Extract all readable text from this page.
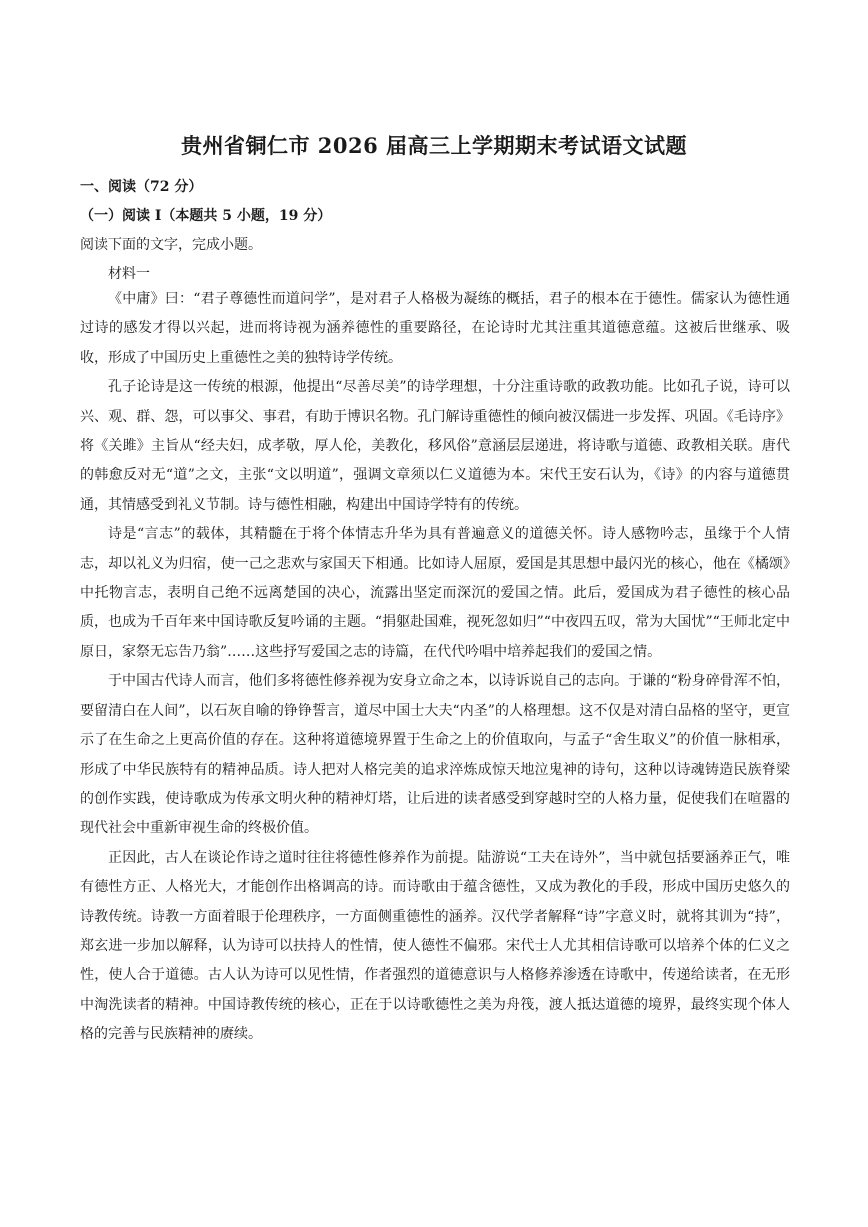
贵州省铜仁市 2026 届高三上学期期末考试语文试题
一、阅读（72 分）
（一）阅读 I（本题共 5 小题，19 分）
阅读下面的文字，完成小题。
材料一

《中庸》曰：“君子尊德性而道问学”，是对君子人格极为凝练的概括，君子的根本在于德性。儒家认为德性通过诗的感发才得以兴起，进而将诗视为涵养德性的重要路径，在论诗时尤其注重其道德意蕴。这被后世继承、吸收，形成了中国历史上重德性之美的独特诗学传统。

孔子论诗是这一传统的根源，他提出“尽善尽美”的诗学理想，十分注重诗歌的政教功能。比如孔子说，诗可以兴、观、群、怨，可以事父、事君，有助于博识名物。孔门解诗重德性的倾向被汉儒进一步发挥、巩固。《毛诗序》将《关雎》主旨从“经夫妇，成孝敬，厚人伦，美教化，移风俗”意涵层层递进，将诗歌与道德、政教相关联。唐代的韩愈反对无“道”之文，主张“文以明道”，强调文章须以仁义道德为本。宋代王安石认为，《诗》的内容与道德贯通，其情感受到礼义节制。诗与德性相融，构建出中国诗学特有的传统。

诗是“言志”的载体，其精髓在于将个体情志升华为具有普遍意义的道德关怀。诗人感物吟志，虽缘于个人情志，却以礼义为归宿，使一己之悲欢与家国天下相通。比如诗人屈原，爱国是其思想中最闪光的核心，他在《橘颂》中托物言志，表明自己绝不远离楚国的决心，流露出坚定而深沉的爱国之情。此后，爱国成为君子德性的核心品质，也成为千百年来中国诗歌反复吟诵的主题。“捐躯赴国难，视死忽如归”“中夜四五叹，常为大国忧”“王师北定中原日，家祭无忘告乃翁”……这些抒写爱国之志的诗篇，在代代吟唱中培养起我们的爱国之情。

于中国古代诗人而言，他们多将德性修养视为安身立命之本，以诗诉说自己的志向。于谦的“粉身碎骨浑不怕，要留清白在人间”，以石灰自喻的铮铮誓言，道尽中国士大夫“内圣”的人格理想。这不仅是对清白品格的坚守，更宣示了在生命之上更高价值的存在。这种将道德境界置于生命之上的价值取向，与孟子“舍生取义”的价值一脉相承，形成了中华民族特有的精神品质。诗人把对人格完美的追求淬炼成惊天地泣鬼神的诗句，这种以诗魂铸造民族脊梁的创作实践，使诗歌成为传承文明火种的精神灯塔，让后进的读者感受到穿越时空的人格力量，促使我们在喧嚣的现代社会中重新审视生命的终极价值。

正因此，古人在谈论作诗之道时往往将德性修养作为前提。陆游说“工夫在诗外”，当中就包括要涵养正气，唯有德性方正、人格光大，才能创作出格调高的诗。而诗歌由于蕴含德性，又成为教化的手段，形成中国历史悠久的诗教传统。诗教一方面着眼于伦理秩序，一方面侧重德性的涵养。汉代学者解释“诗”字意义时，就将其训为“持”，郑玄进一步加以解释，认为诗可以扶持人的性情，使人德性不偏邪。宋代士人尤其相信诗歌可以培养个体的仁义之性，使人合于道德。古人认为诗可以见性情，作者强烈的道德意识与人格修养渗透在诗歌中，传递给读者，在无形中淘洗读者的精神。中国诗教传统的核心，正在于以诗歌德性之美为舟筏，渡人抵达道德的境界，最终实现个体人格的完善与民族精神的赓续。
